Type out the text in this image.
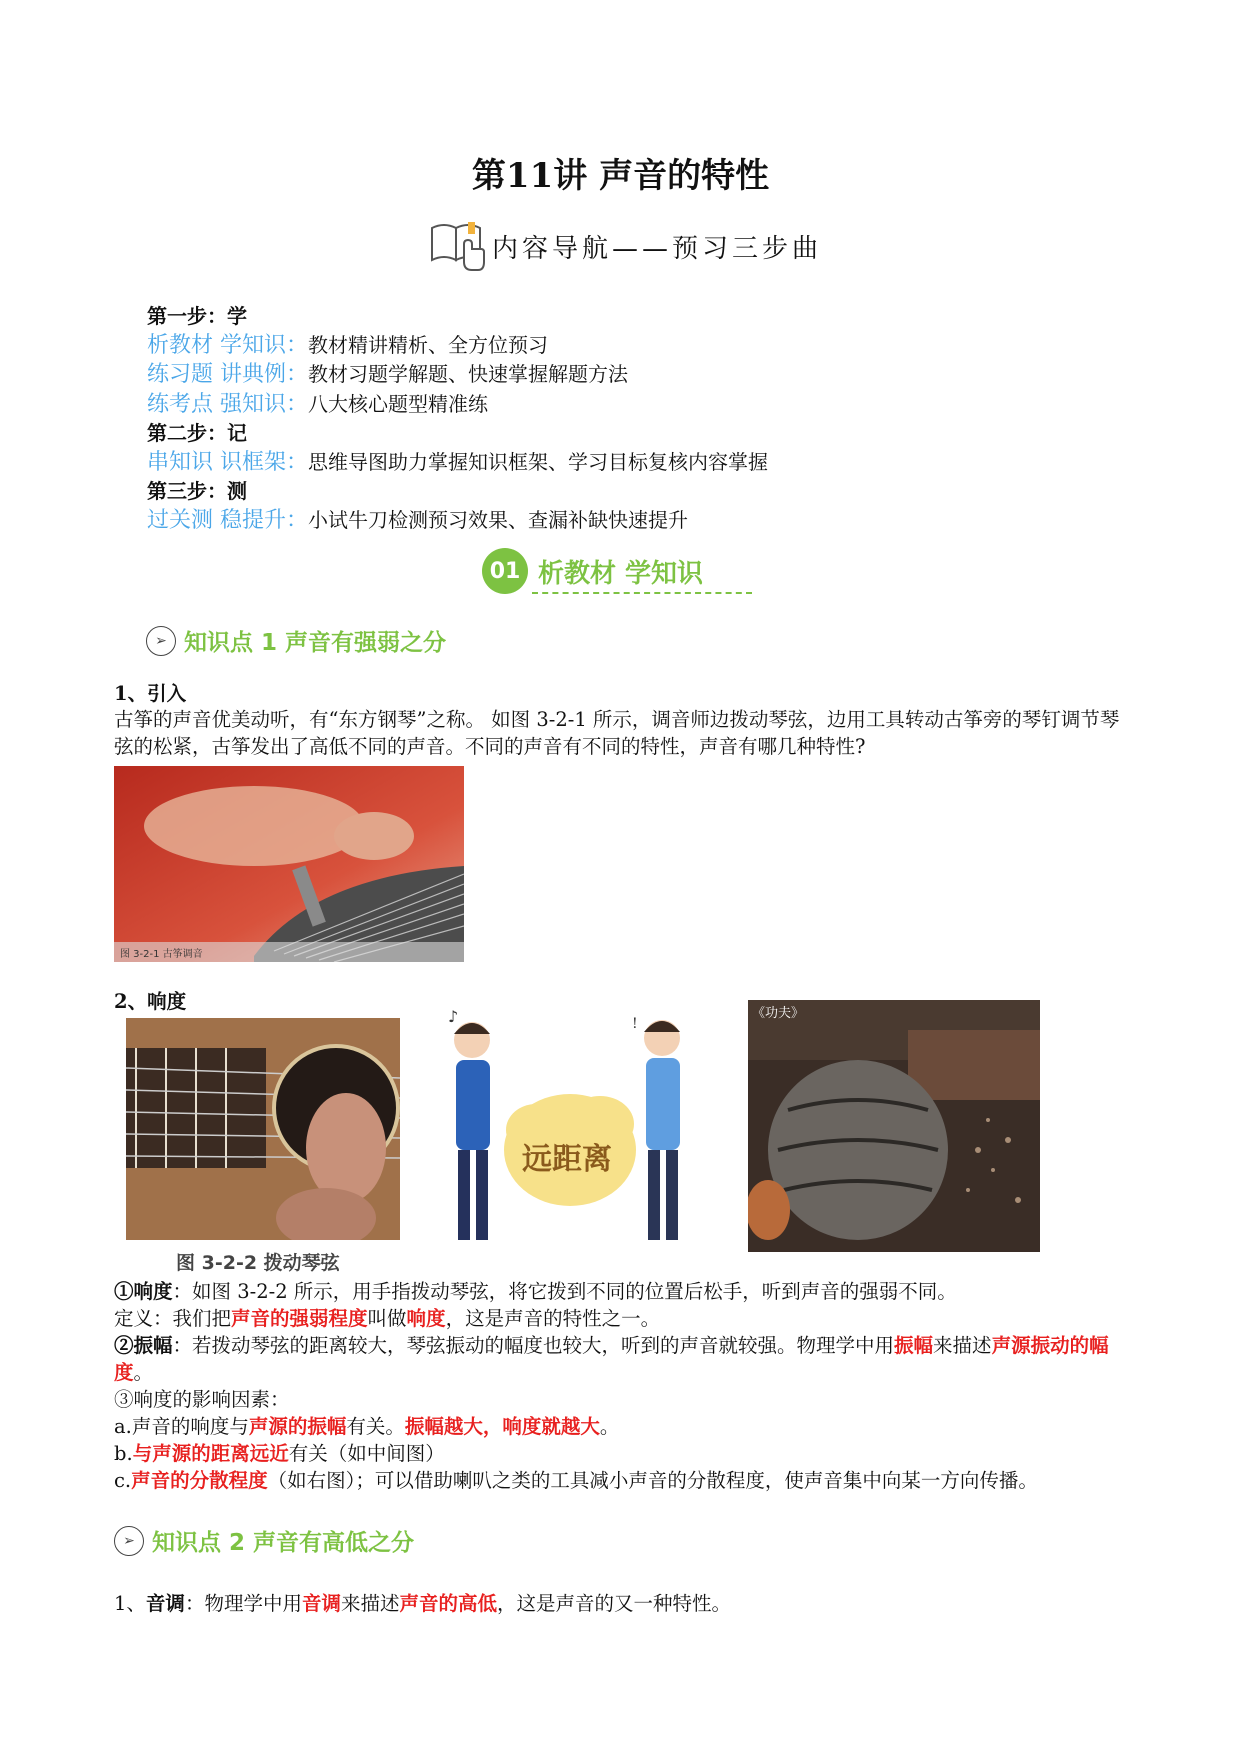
第11讲 声音的特性
内容导航——预习三步曲
第一步：学
析教材 学知识：教材精讲精析、全方位预习
练习题 讲典例：教材习题学解题、快速掌握解题方法
练考点 强知识：八大核心题型精准练
第二步：记
串知识 识框架：思维导图助力掌握知识框架、学习目标复核内容掌握
第三步：测
过关测 稳提升：小试牛刀检测预习效果、查漏补缺快速提升
01 析教材 学知识
➢ 知识点 1 声音有强弱之分
1、引入
古筝的声音优美动听，有“东方钢琴”之称。 如图 3-2-1 所示，调音师边拨动琴弦，边用工具转动古筝旁的琴钉调节琴弦的松紧，古筝发出了高低不同的声音。不同的声音有不同的特性，声音有哪几种特性?
图 3-2-1 古筝调音
2、响度
图 3-2-2 拨动琴弦
♪	!
远距离
《功夫》
①响度：如图 3-2-2 所示，用手指拨动琴弦，将它拨到不同的位置后松手，听到声音的强弱不同。
定义：我们把声音的强弱程度叫做响度，这是声音的特性之一。
②振幅：若拨动琴弦的距离较大，琴弦振动的幅度也较大，听到的声音就较强。物理学中用振幅来描述声源振动的幅度。
③响度的影响因素：
a.声音的响度与声源的振幅有关。振幅越大，响度就越大。
b.与声源的距离远近有关（如中间图）
c.声音的分散程度（如右图）；可以借助喇叭之类的工具减小声音的分散程度，使声音集中向某一方向传播。
➢ 知识点 2 声音有高低之分
1、音调：物理学中用音调来描述声音的高低，这是声音的又一种特性。
